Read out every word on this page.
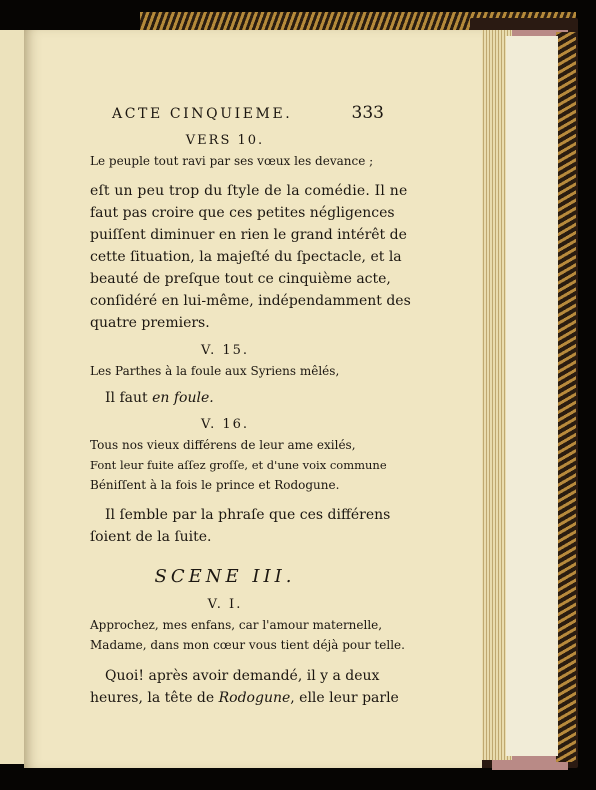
ACTE CINQUIEME.	333
VERS 10.
Le peuple tout ravi par ses vœux les devance ;
eſt un peu trop du ſtyle de la comédie. Il ne
faut pas croire que ces petites négligences
puiſſent diminuer en rien le grand intérêt de
cette ſituation, la majeſté du ſpectacle, et la
beauté de preſque tout ce cinquième acte,
conſidéré en lui-même, indépendamment des
quatre premiers.
V. 15.
Les Parthes à la foule aux Syriens mêlés,
Il faut en foule.
V. 16.
Tous nos vieux différens de leur ame exilés,
Font leur fuite aſſez groſſe, et d'une voix commune
Béniſſent à la fois le prince et Rodogune.
Il ſemble par la phraſe que ces différens
ſoient de la ſuite.
SCENE III.
V. I.
Approchez, mes enfans, car l'amour maternelle,
Madame, dans mon cœur vous tient déjà pour telle.
Quoi! après avoir demandé, il y a deux
heures, la tête de Rodogune, elle leur parle
